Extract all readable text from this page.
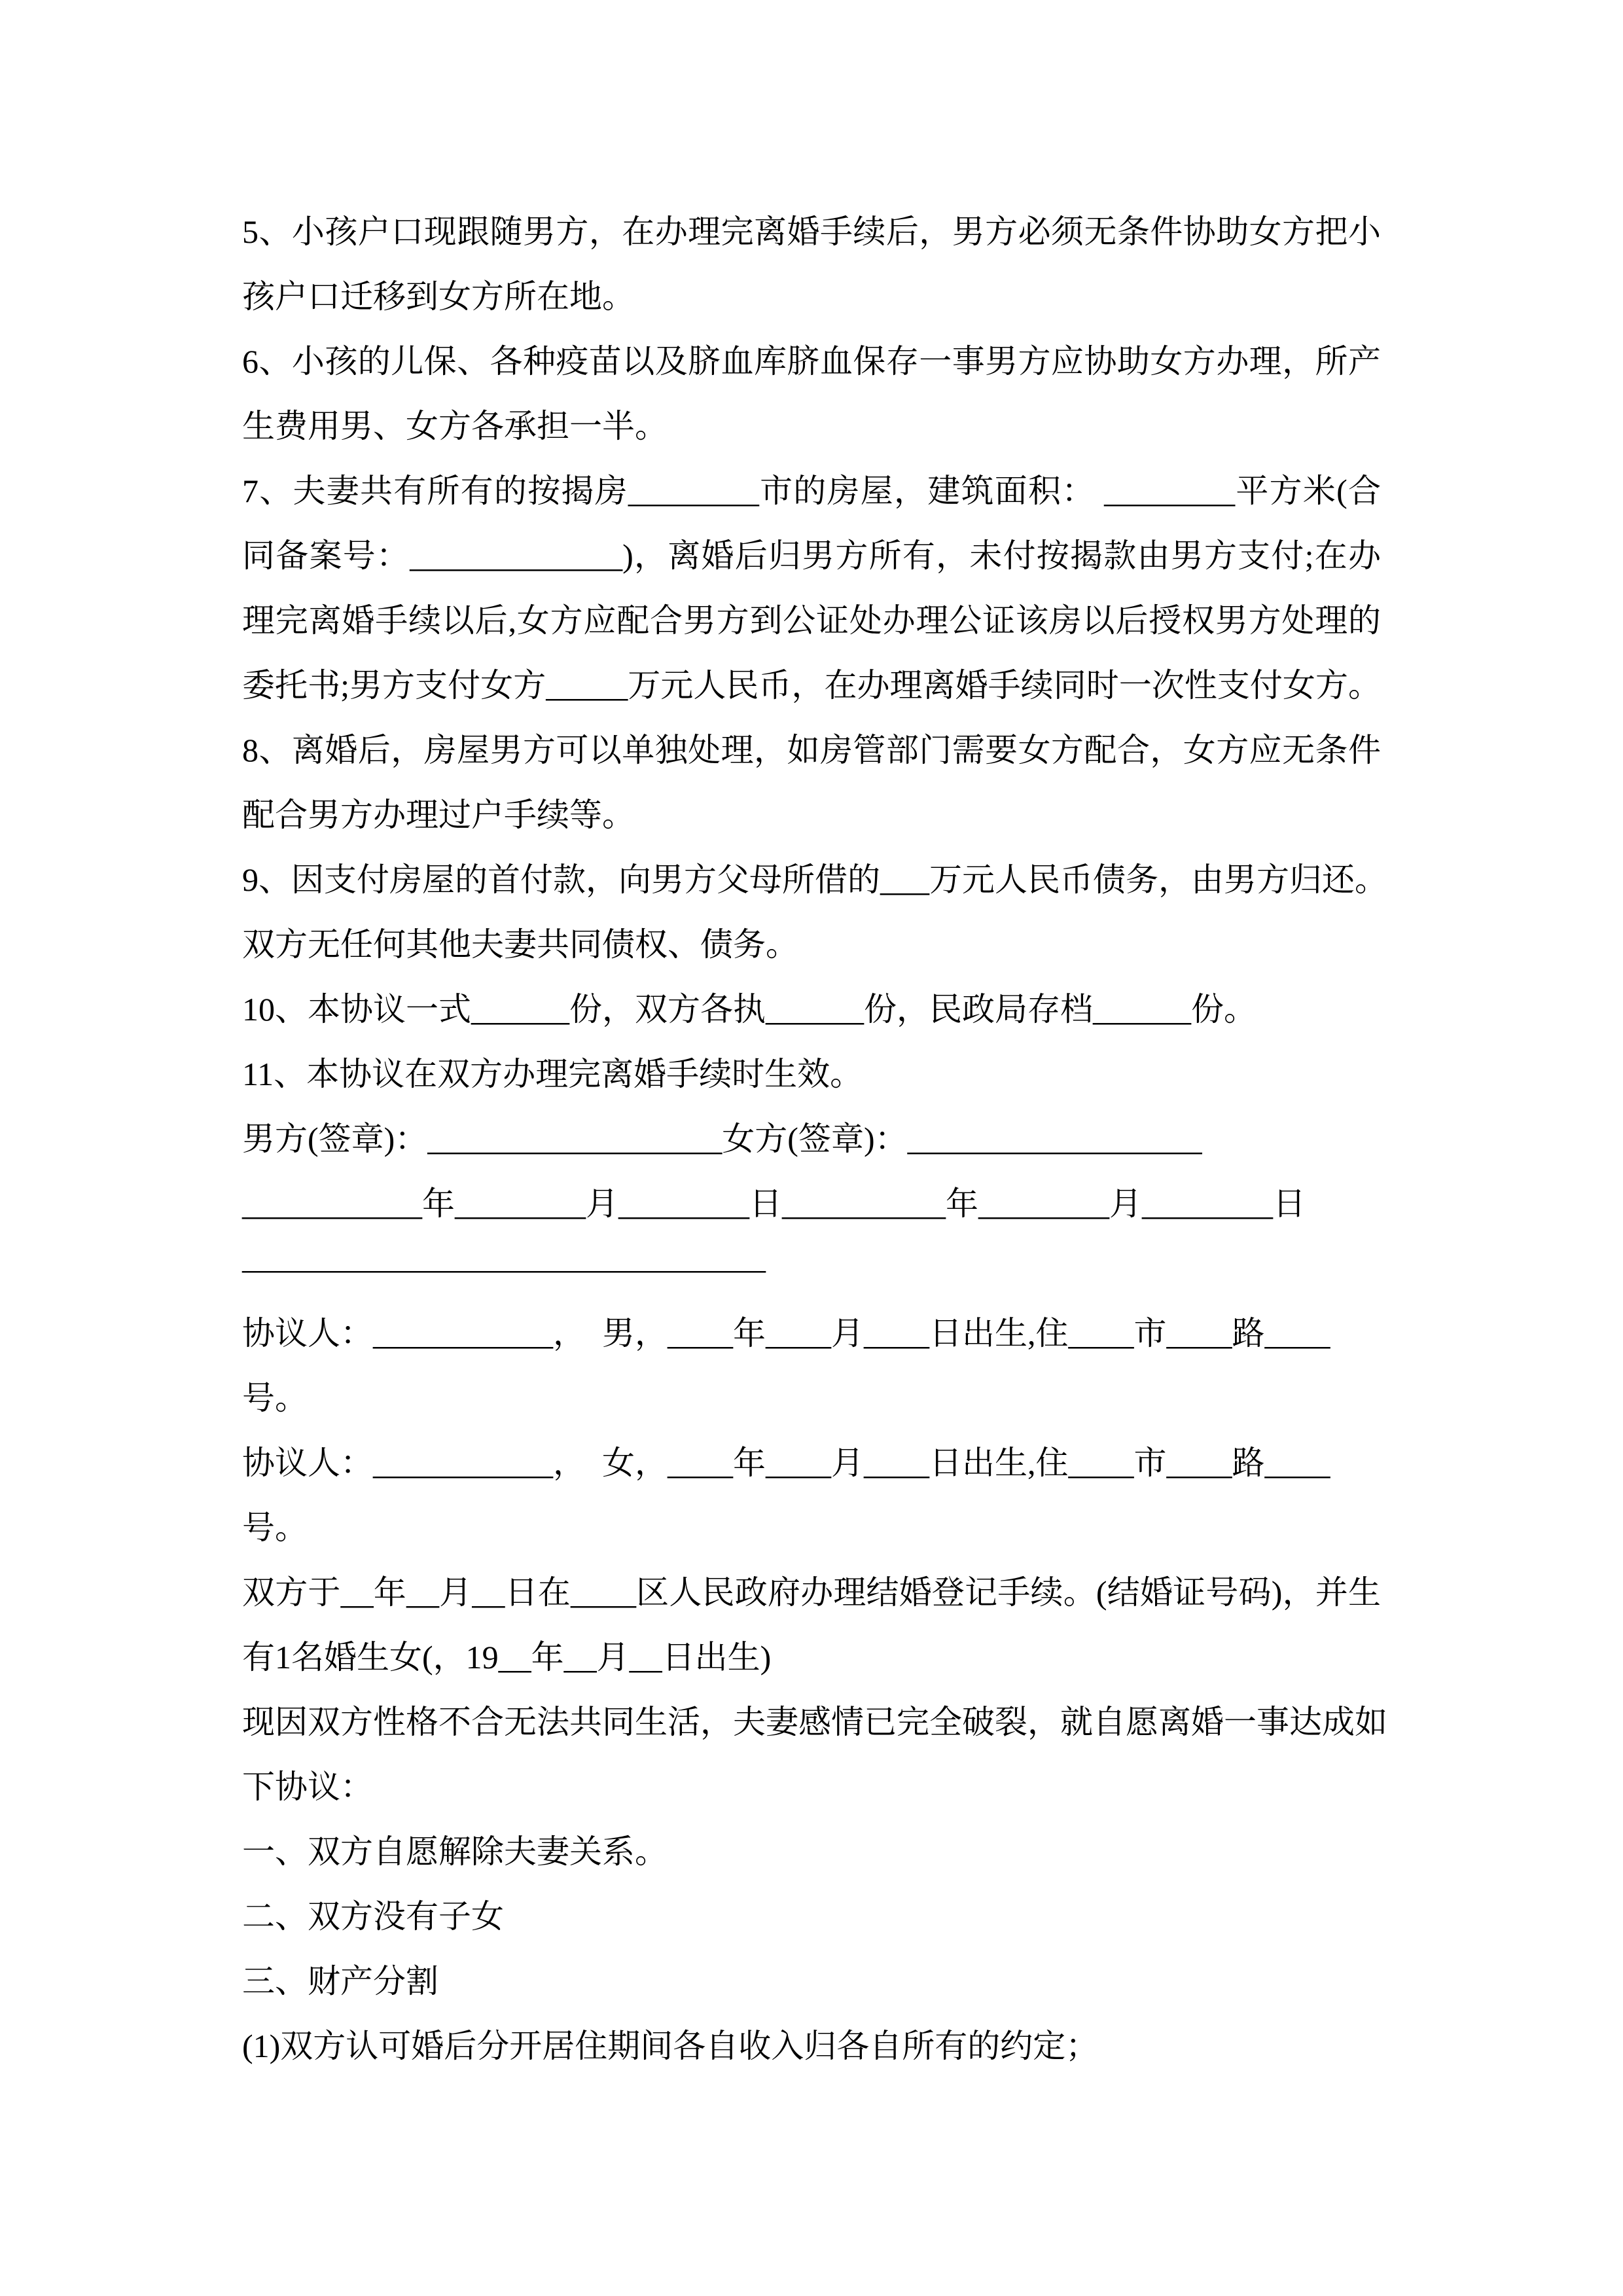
5、小孩户口现跟随男方，在办理完离婚手续后，男方必须无条件协助女方把小
孩户口迁移到女方所在地。
6、小孩的儿保、各种疫苗以及脐血库脐血保存一事男方应协助女方办理，所产
生费用男、女方各承担一半。
7、夫妻共有所有的按揭房________市的房屋，建筑面积： ________平方米(合
同备案号：_____________)，离婚后归男方所有，未付按揭款由男方支付;在办
理完离婚手续以后,女方应配合男方到公证处办理公证该房以后授权男方处理的
委托书;男方支付女方_____万元人民币，在办理离婚手续同时一次性支付女方。
8、离婚后，房屋男方可以单独处理，如房管部门需要女方配合，女方应无条件
配合男方办理过户手续等。
9、因支付房屋的首付款，向男方父母所借的___万元人民币债务，由男方归还。
双方无任何其他夫妻共同债权、债务。
10、本协议一式______份，双方各执______份，民政局存档______份。
11、本协议在双方办理完离婚手续时生效。
男方(签章)：__________________女方(签章)：__________________
___________年________月________日__________年________月________日
————————————————
协议人：___________，　男，____年____月____日出生,住____市____路____
号。
协议人：___________，　女，____年____月____日出生,住____市____路____
号。
双方于__年__月__日在____区人民政府办理结婚登记手续。(结婚证号码)，并生
有1名婚生女(，19__年__月__日出生)
现因双方性格不合无法共同生活，夫妻感情已完全破裂，就自愿离婚一事达成如
下协议：
一、双方自愿解除夫妻关系。
二、双方没有子女
三、财产分割
(1)双方认可婚后分开居住期间各自收入归各自所有的约定；
